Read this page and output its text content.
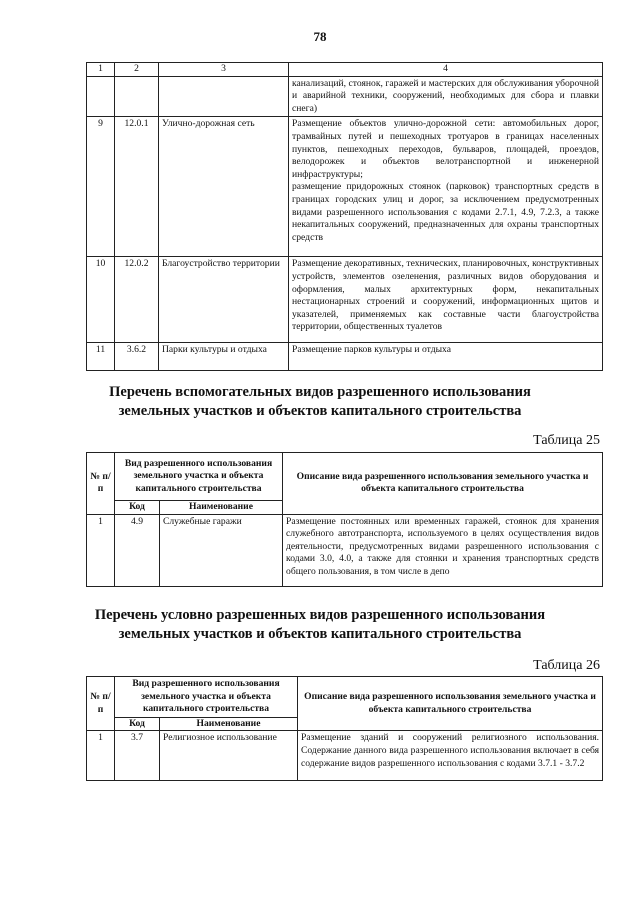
78
1	2	3	4
			канализаций, стоянок, гаражей и мастерских для обслуживания уборочной и аварийной техники, сооружений, необходимых для сбора и плавки снега)
9	12.0.1	Улично-дорожная сеть	Размещение объектов улично-дорожной сети: автомобильных дорог, трамвайных путей и пешеходных тротуаров в границах населенных пунктов, пешеходных переходов, бульваров, площадей, проездов, велодорожек и объектов велотранспортной и инженерной инфраструктуры;
размещение придорожных стоянок (парковок) транспортных средств в границах городских улиц и дорог, за исключением предусмотренных видами разрешенного использования с кодами 2.7.1, 4.9, 7.2.3, а также некапитальных сооружений, предназначенных для охраны транспортных средств
10	12.0.2	Благоустройство территории	Размещение декоративных, технических, планировочных, конструктивных устройств, элементов озеленения, различных видов оборудования и оформления, малых архитектурных форм, некапитальных нестационарных строений и сооружений, информационных щитов и указателей, применяемых как составные части благоустройства территории, общественных туалетов
11	3.6.2	Парки культуры и отдыха	Размещение парков культуры и отдыха
Перечень вспомогательных видов разрешенного использования
земельных участков и объектов капитального строительства
Таблица 25
№ п/п	Вид разрешенного использования земельного участка и объекта капитального строительства		Описание вида разрешенного использования земельного участка и объекта капитального строительства
	Код	Наименование	
1	4.9	Служебные гаражи	Размещение постоянных или временных гаражей, стоянок для хранения служебного автотранспорта, используемого в целях осуществления видов деятельности, предусмотренных видами разрешенного использования с кодами 3.0, 4.0, а также для стоянки и хранения транспортных средств общего пользования, в том числе в депо
Перечень условно разрешенных видов разрешенного использования
земельных участков и объектов капитального строительства
Таблица 26
№ п/п	Вид разрешенного использования земельного участка и объекта капитального строительства		Описание вида разрешенного использования земельного участка и объекта капитального строительства
	Код	Наименование	
1	3.7	Религиозное использование	Размещение зданий и сооружений религиозного использования. Содержание данного вида разрешенного использования включает в себя содержание видов разрешенного использования с кодами 3.7.1 - 3.7.2
